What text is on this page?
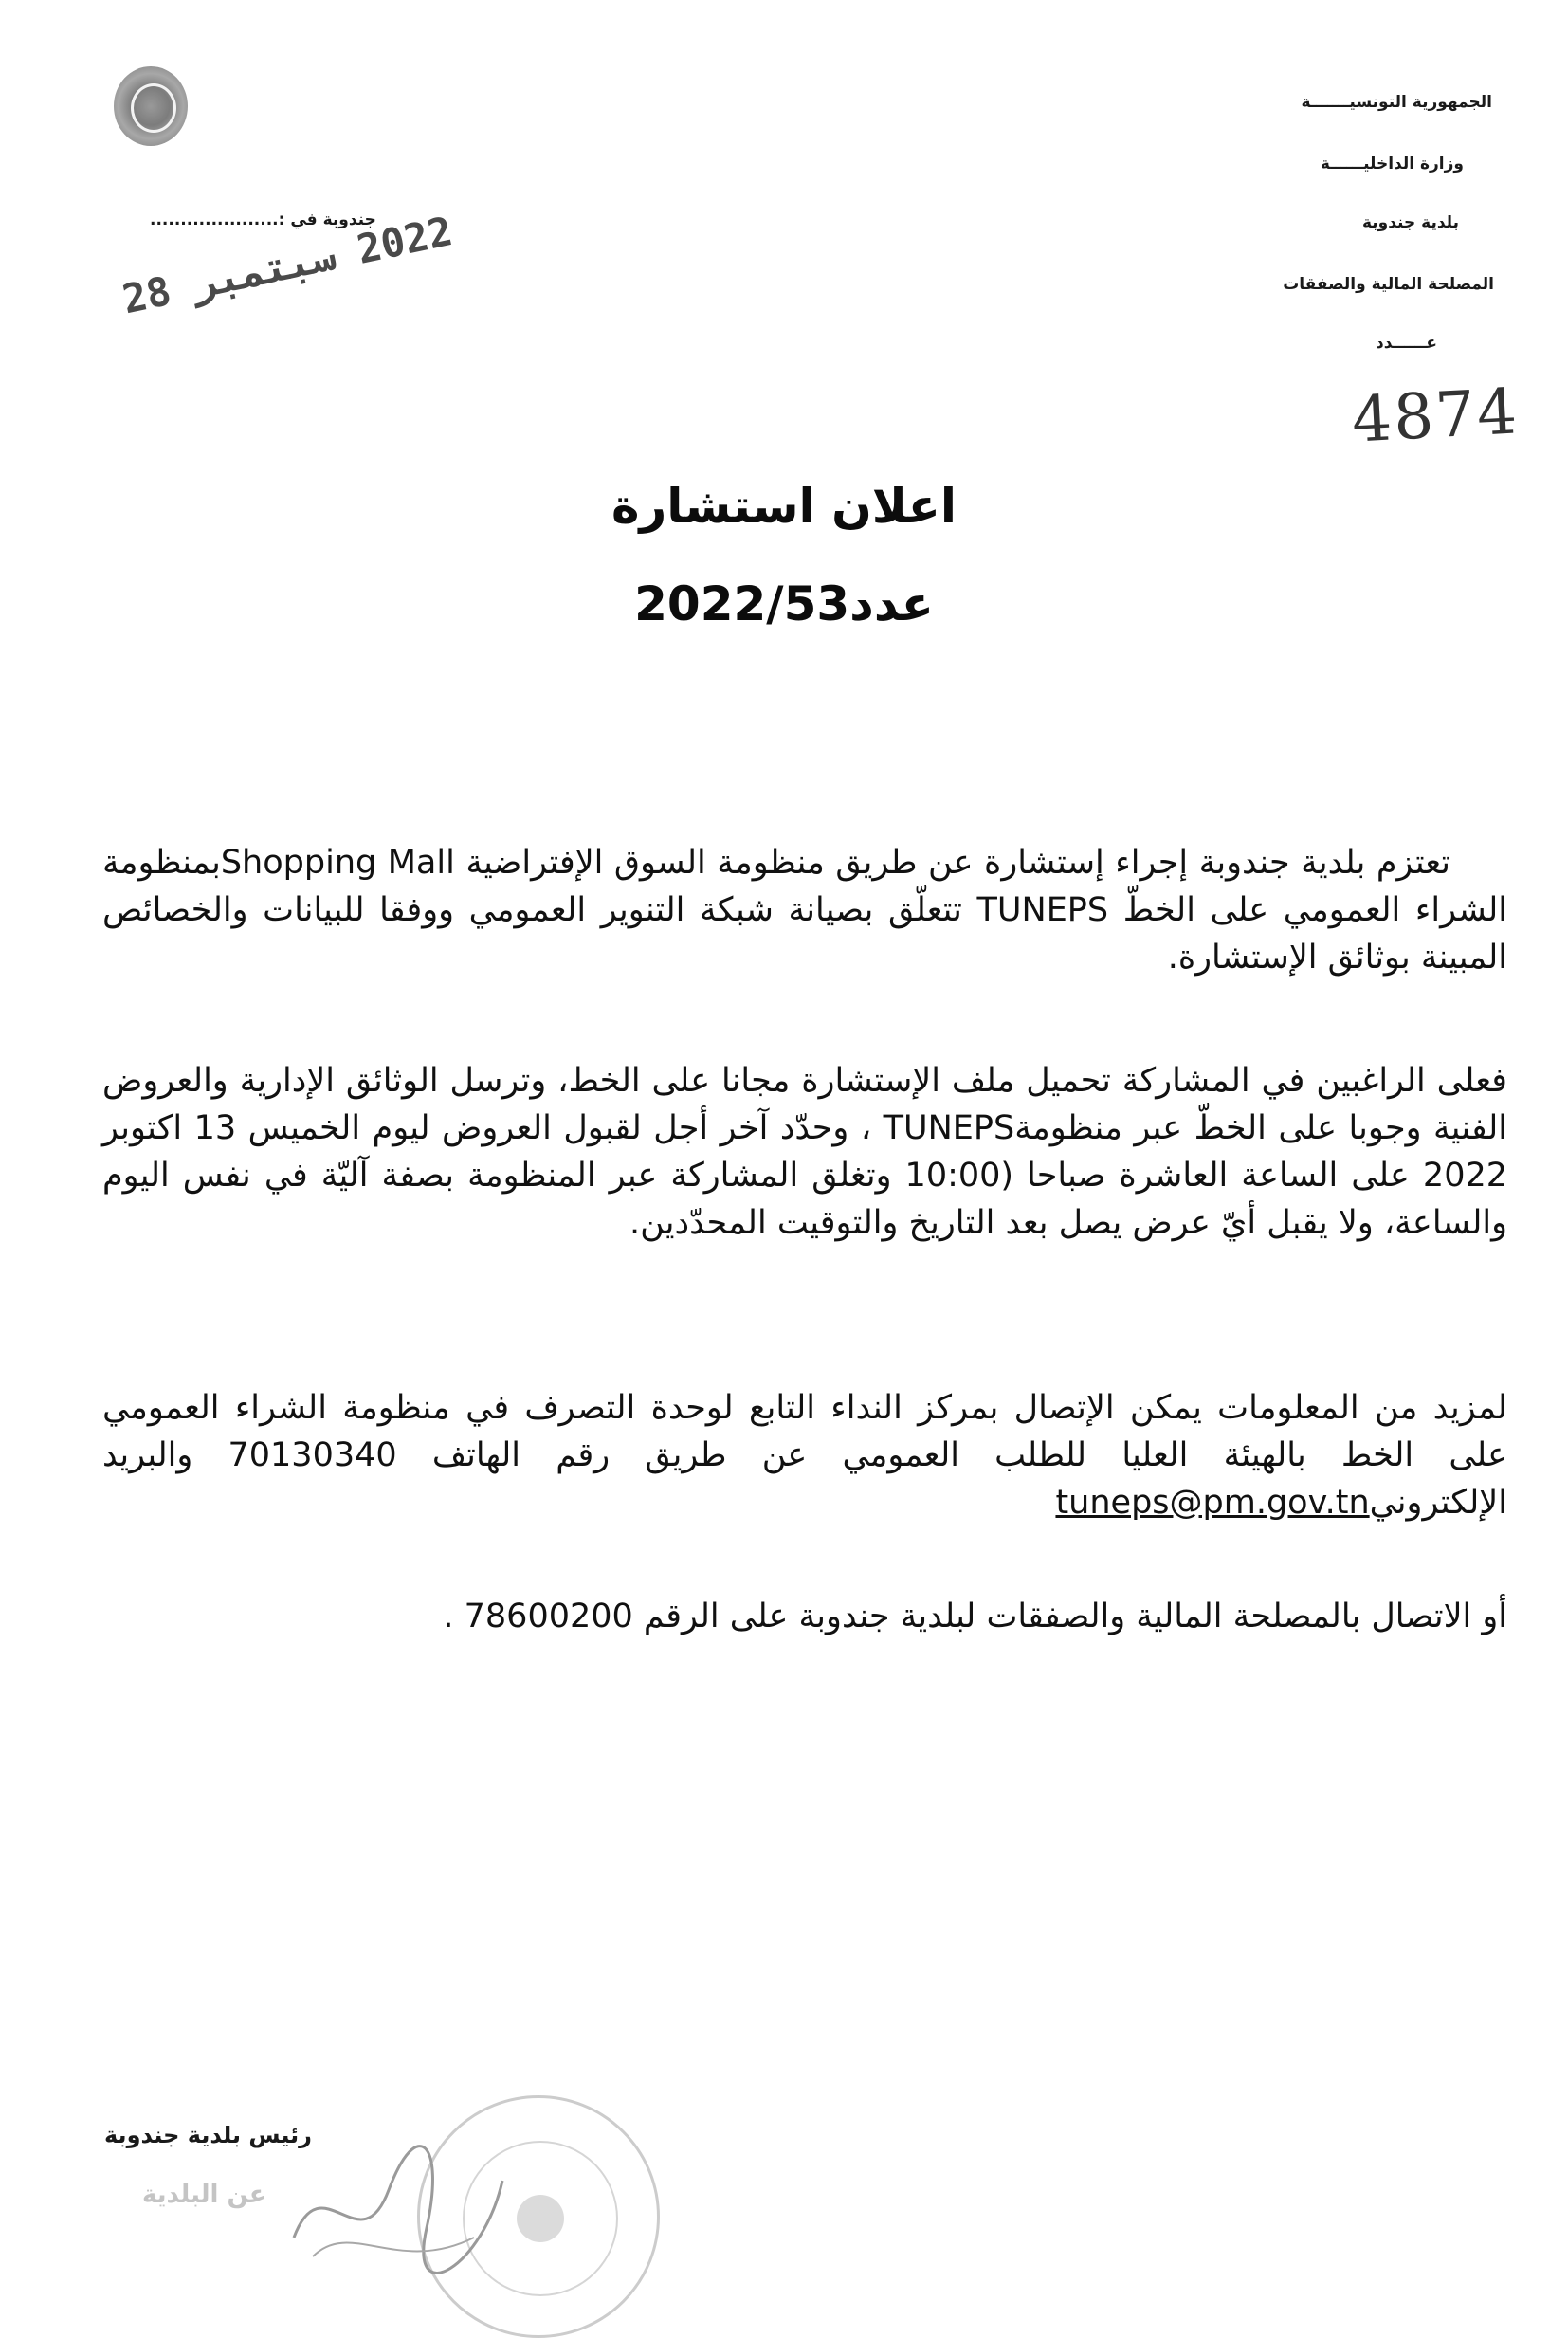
الجمهورية التونسيـــــــة
وزارة الداخليــــــة
بلدية جندوبة
المصلحة المالية والصفقات
عــــــدد
4874
جندوبة في :.....................
2022 سبتمبر 28
اعلان استشارة
عدد2022/53
تعتزم بلدية جندوبة إجراء إستشارة عن طريق منظومة السوق الإفتراضية Shopping Mallبمنظومة الشراء العمومي على الخطّ TUNEPS تتعلّق بصيانة شبكة التنوير العمومي ووفقا للبيانات والخصائص المبينة بوثائق الإستشارة.
فعلى الراغبين في المشاركة تحميل ملف الإستشارة مجانا على الخط، وترسل الوثائق الإدارية والعروض الفنية وجوبا على الخطّ عبر منظومةTUNEPS ، وحدّد آخر أجل لقبول العروض ليوم الخميس 13 اكتوبر 2022 على الساعة العاشرة صباحا (10:00 وتغلق المشاركة عبر المنظومة بصفة آليّة في نفس اليوم والساعة، ولا يقبل أيّ عرض يصل بعد التاريخ والتوقيت المحدّدين.
لمزيد من المعلومات يمكن الإتصال بمركز النداء التابع لوحدة التصرف في منظومة الشراء العمومي على الخط بالهيئة العليا للطلب العمومي عن طريق رقم الهاتف 70130340 والبريد الإلكترونيtuneps@pm.gov.tn
أو الاتصال بالمصلحة المالية والصفقات لبلدية جندوبة على الرقم 78600200 .
رئيس بلدية جندوبة
عن البلدية
